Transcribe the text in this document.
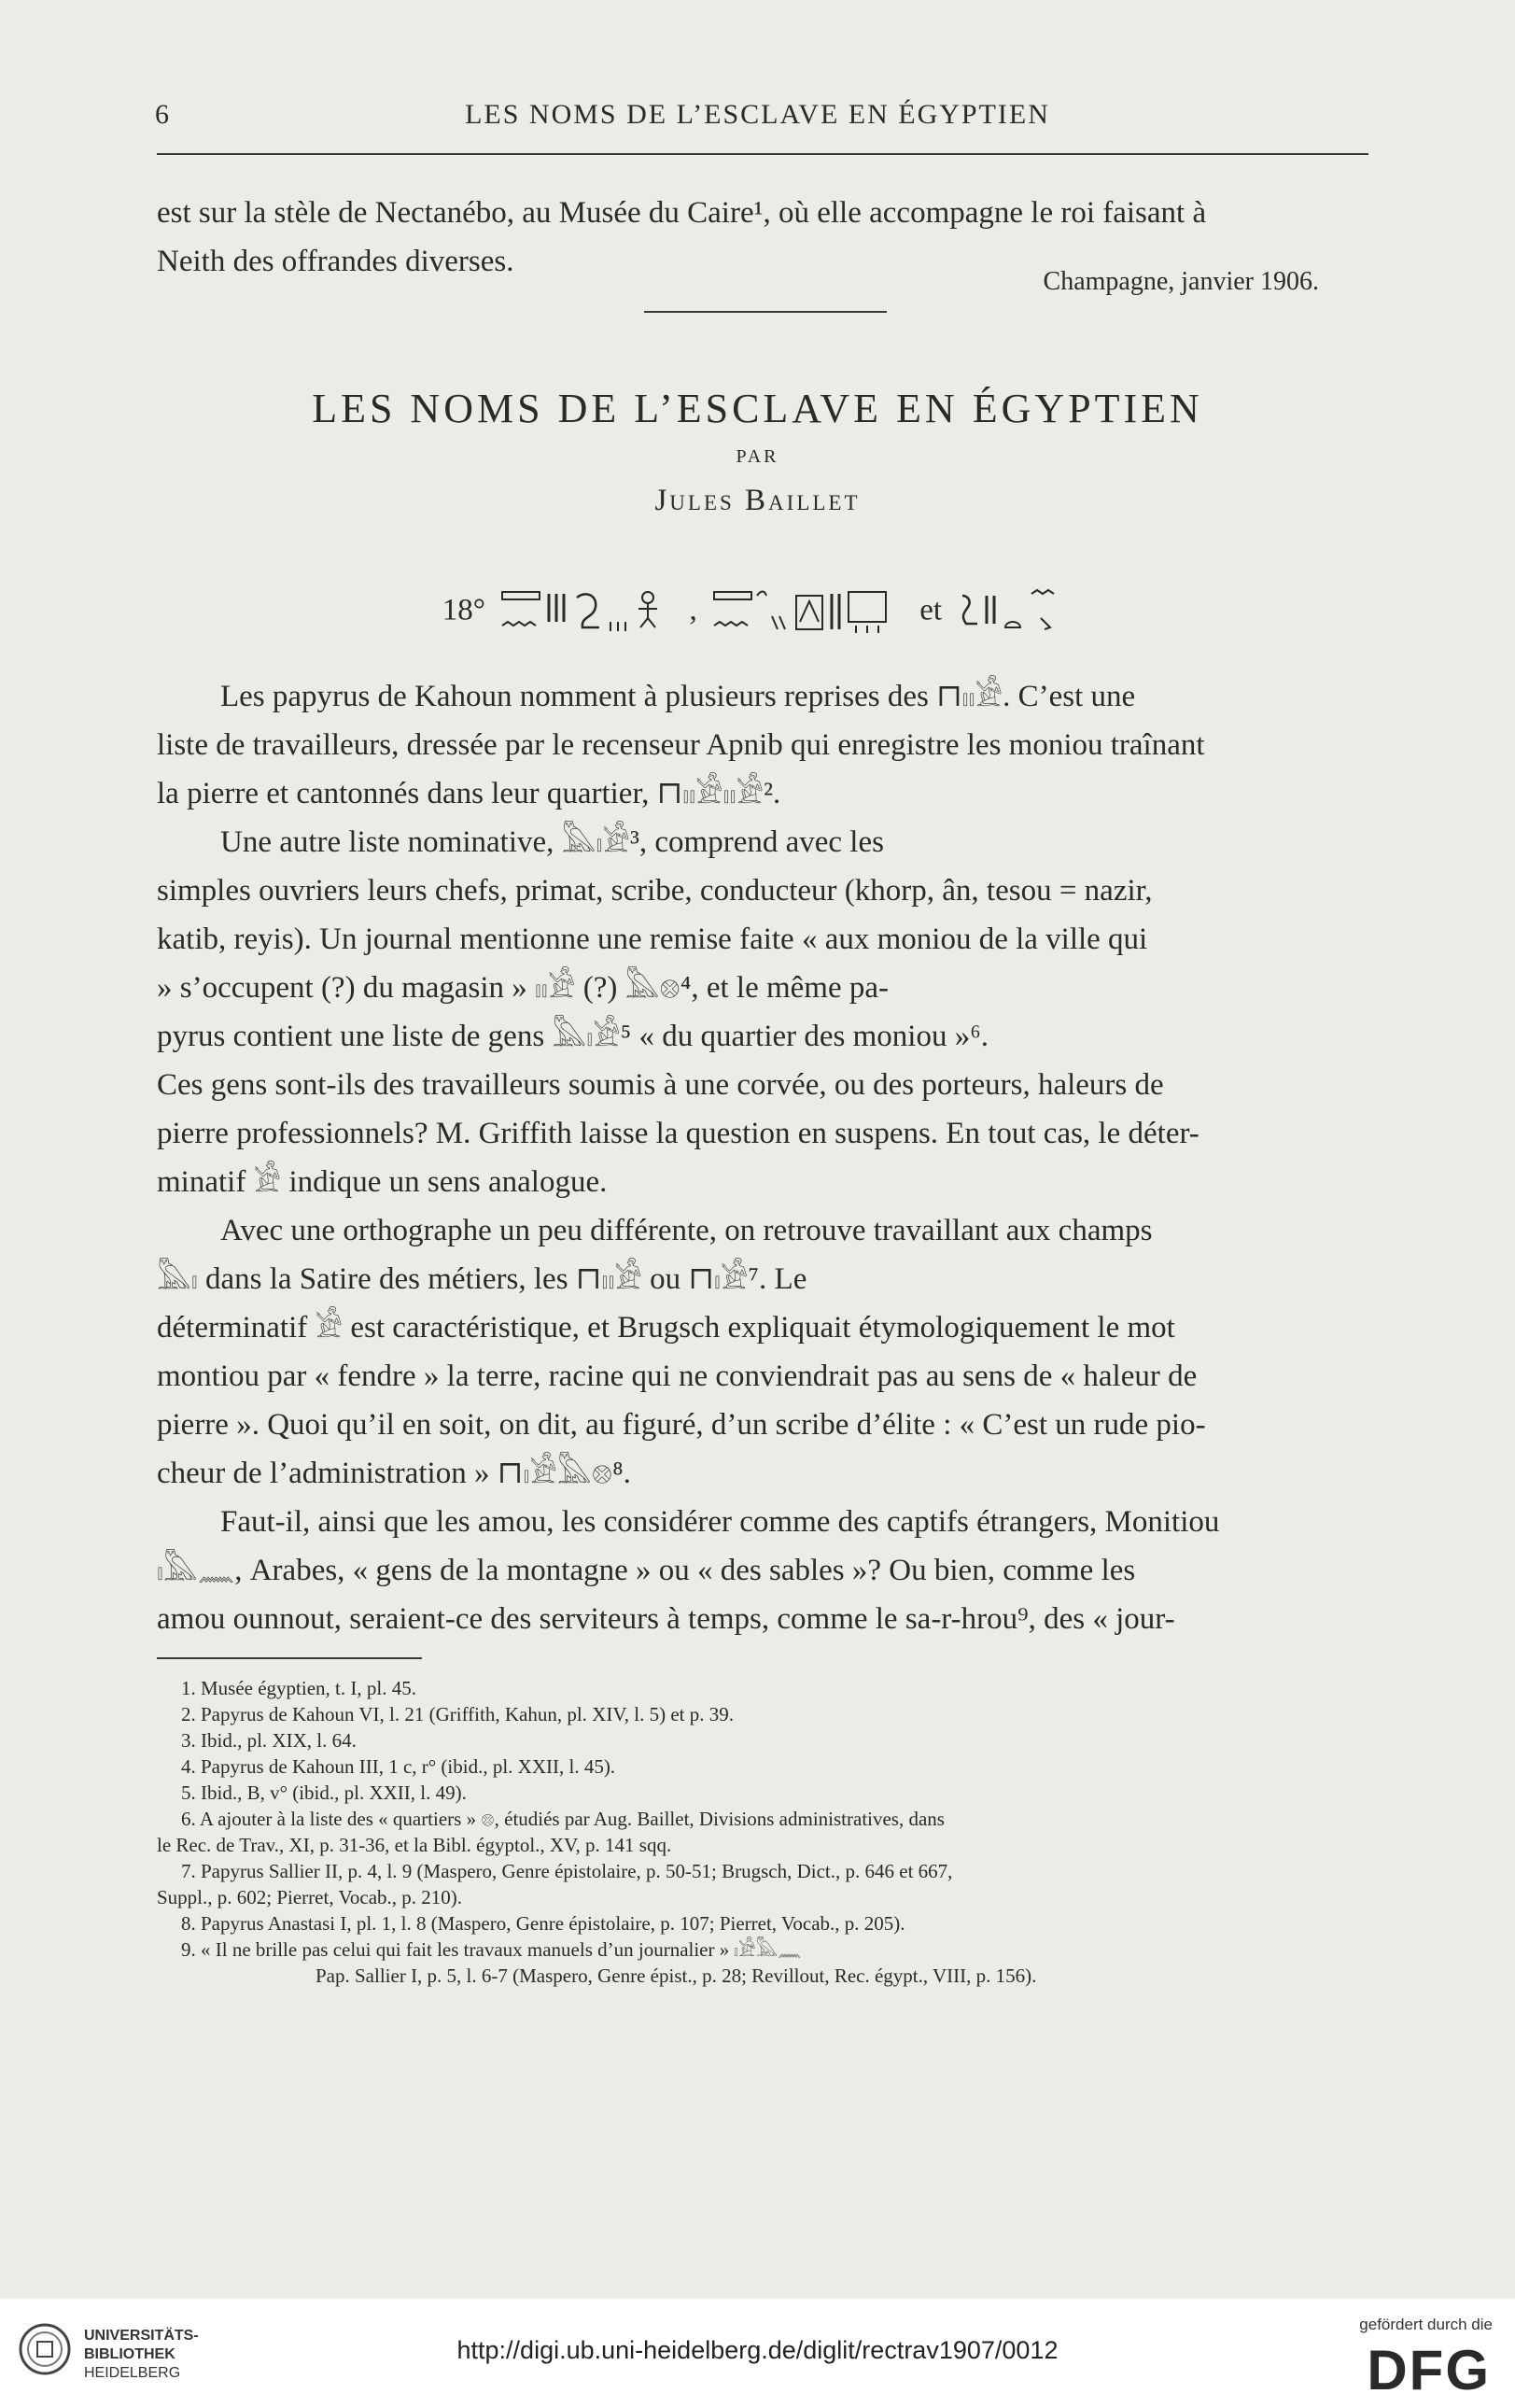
6	LES NOMS DE L’ESCLAVE EN ÉGYPTIEN
est sur la stèle de Nectanébo, au Musée du Caire¹, où elle accompagne le roi faisant à
Neith des offrandes diverses.
Champagne, janvier 1906.
LES NOMS DE L’ESCLAVE EN ÉGYPTIEN
PAR
Jules Baillet
18°	,	et
Les papyrus de Kahoun nomment à plusieurs reprises des ⊓𓏤𓏤𓀀. C’est une
liste de travailleurs, dressée par le recenseur Apnib qui enregistre les moniou traînant
la pierre et cantonnés dans leur quartier, ⊓𓏤𓏤𓀀𓏤𓏤𓀀².
Une autre liste nominative, 𓅓𓏤𓀀³, comprend avec les
simples ouvriers leurs chefs, primat, scribe, conducteur (khorp, ân, tesou = nazir,
katib, reyis). Un journal mentionne une remise faite « aux moniou de la ville qui
» s’occupent (?) du magasin » 𓏤𓏤𓀀 (?) 𓅓𓊖⁴, et le même pa-
pyrus contient une liste de gens 𓅓𓏤𓀀⁵ « du quartier des moniou »⁶.
Ces gens sont-ils des travailleurs soumis à une corvée, ou des porteurs, haleurs de
pierre professionnels? M. Griffith laisse la question en suspens. En tout cas, le déter-
minatif 𓀀 indique un sens analogue.
Avec une orthographe un peu différente, on retrouve travaillant aux champs
𓅓𓏤 dans la Satire des métiers, les ⊓𓏤𓏤𓀀 ou ⊓𓏤𓀀⁷. Le
déterminatif 𓀀 est caractéristique, et Brugsch expliquait étymologiquement le mot
montiou par « fendre » la terre, racine qui ne conviendrait pas au sens de « haleur de
pierre ». Quoi qu’il en soit, on dit, au figuré, d’un scribe d’élite : « C’est un rude pio-
cheur de l’administration » ⊓𓏤𓀀𓅓𓊖⁸.
Faut-il, ainsi que les amou, les considérer comme des captifs étrangers, Monitiou
𓏤𓅓𓈖, Arabes, « gens de la montagne » ou « des sables »? Ou bien, comme les
amou ounnout, seraient-ce des serviteurs à temps, comme le sa-r-hrou⁹, des « jour-
1. Musée égyptien, t. I, pl. 45.
2. Papyrus de Kahoun VI, l. 21 (Griffith, Kahun, pl. XIV, l. 5) et p. 39.
3. Ibid., pl. XIX, l. 64.
4. Papyrus de Kahoun III, 1 c, r° (ibid., pl. XXII, l. 45).
5. Ibid., B, v° (ibid., pl. XXII, l. 49).
6. A ajouter à la liste des « quartiers » 𓊖, étudiés par Aug. Baillet, Divisions administratives, dans
le Rec. de Trav., XI, p. 31-36, et la Bibl. égyptol., XV, p. 141 sqq.
7. Papyrus Sallier II, p. 4, l. 9 (Maspero, Genre épistolaire, p. 50-51; Brugsch, Dict., p. 646 et 667,
Suppl., p. 602; Pierret, Vocab., p. 210).
8. Papyrus Anastasi I, pl. 1, l. 8 (Maspero, Genre épistolaire, p. 107; Pierret, Vocab., p. 205).
9. « Il ne brille pas celui qui fait les travaux manuels d’un journalier » 𓏤𓀀𓅓𓈖
Pap. Sallier I, p. 5, l. 6-7 (Maspero, Genre épist., p. 28; Revillout, Rec. égypt., VIII, p. 156).
UNIVERSITÄTS-
BIBLIOTHEK
HEIDELBERG
http://digi.ub.uni-heidelberg.de/diglit/rectrav1907/0012
gefördert durch die
DFG
